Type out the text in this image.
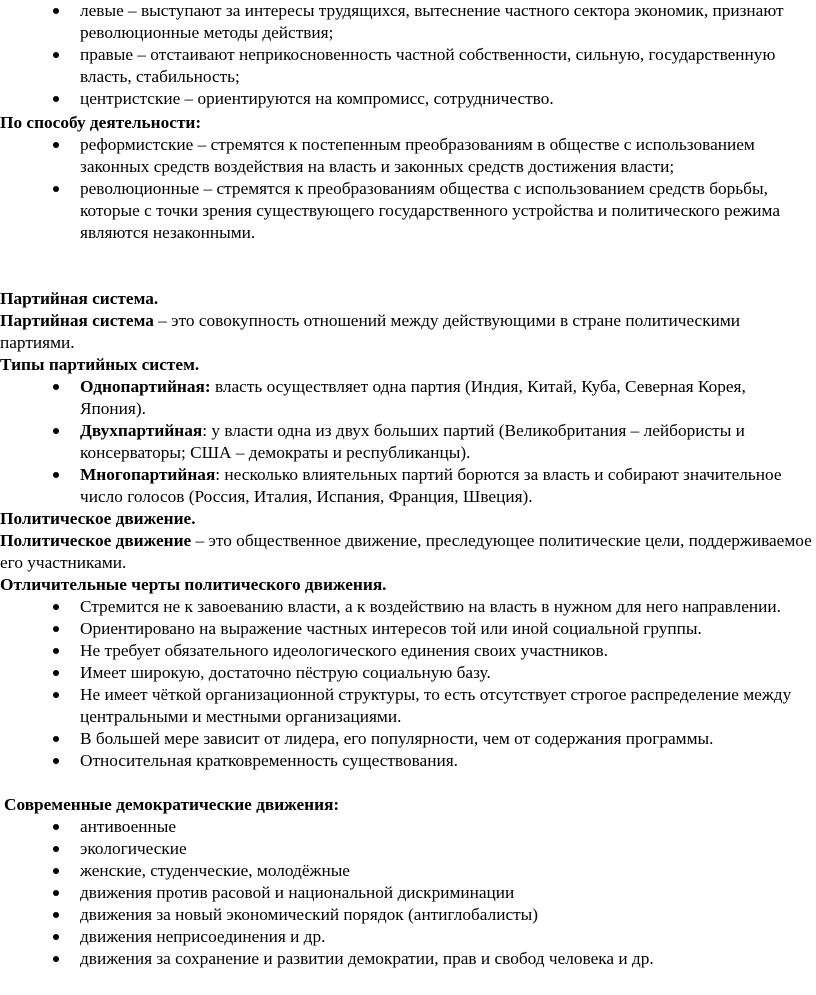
левые – выступают за интересы трудящихся, вытеснение частного сектора экономик, признают революционные методы действия;
правые – отстаивают неприкосновенность частной собственности, сильную, государственную власть, стабильность;
центристские – ориентируются на компромисс, сотрудничество.

По способу деятельности:

реформистские – стремятся к постепенным преобразованиям в обществе с использованием законных средств воздействия на власть и законных средств достижения власти;
революционные – стремятся к преобразованиям общества с использованием средств борьбы, которые с точки зрения существующего государственного устройства и политического режима являются незаконными.

Партийная система.

Партийная система – это совокупность отношений между действующими в стране политическими партиями.

Типы партийных систем.

Однопартийная: власть осуществляет одна партия (Индия, Китай, Куба, Северная Корея, Япония).
Двухпартийная: у власти одна из двух больших партий (Великобритания – лейбористы и консерваторы; США – демократы и республиканцы).
Многопартийная: несколько влиятельных партий борются за власть и собирают значительное число голосов (Россия, Италия, Испания, Франция, Швеция).

Политическое движение.

Политическое движение – это общественное движение, преследующее политические цели, поддерживаемое его участниками.

Отличительные черты политического движения.

Стремится не к завоеванию власти, а к воздействию на власть в нужном для него направлении.
Ориентировано на выражение частных интересов той или иной социальной группы.
Не требует обязательного идеологического единения своих участников.
Имеет широкую, достаточно пёструю социальную базу.
Не имеет чёткой организационной структуры, то есть отсутствует строгое распределение между центральными и местными организациями.
В большей мере зависит от лидера, его популярности, чем от содержания программы.
Относительная кратковременность существования.

Современные демократические движения:

антивоенные
экологические
женские, студенческие, молодёжные
движения против расовой и национальной дискриминации
движения за новый экономический порядок (антиглобалисты)
движения неприсоединения и др.
движения за сохранение и развитии демократии, прав и свобод человека и др.
